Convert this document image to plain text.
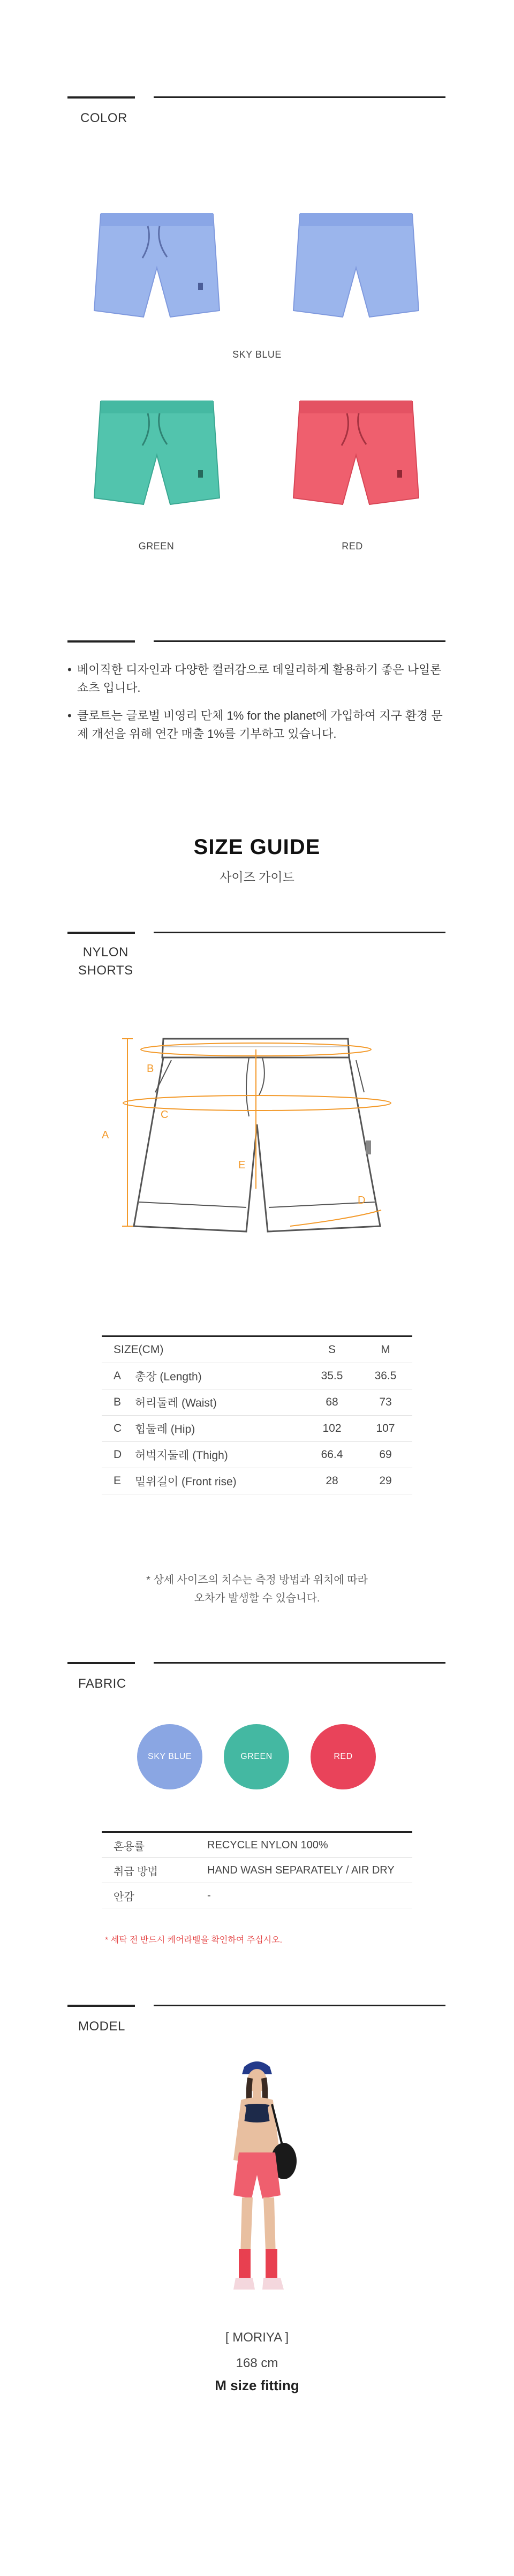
COLOR
SKY BLUE
GREEN	RED
• 베이직한 디자인과 다양한 컬러감으로 데일리하게 활용하기 좋은 나일론 쇼츠 입니다.
• 클로트는 글로벌 비영리 단체 1% for the planet에 가입하여 지구 환경 문제 개선을 위해 연간 매출 1%를 기부하고 있습니다.
SIZE GUIDE
사이즈 가이드
NYLON
SHORTS
A
B
C
D
E
SIZE(CM)		S	M
A	총장 (Length)	35.5	36.5
B	허리둘레 (Waist)	68	73
C	힙둘레 (Hip)	102	107
D	허벅지둘레 (Thigh)	66.4	69
E	밑위길이 (Front rise)	28	29
* 상세 사이즈의 치수는 측정 방법과 위치에 따라
오차가 발생할 수 있습니다.
FABRIC
SKY BLUE	GREEN	RED
혼용률	RECYCLE NYLON 100%
취급 방법	HAND WASH SEPARATELY / AIR DRY
안감	-
* 세탁 전 반드시 케어라벨을 확인하여 주십시오.
MODEL
[ MORIYA ]
168 cm
M size fitting
